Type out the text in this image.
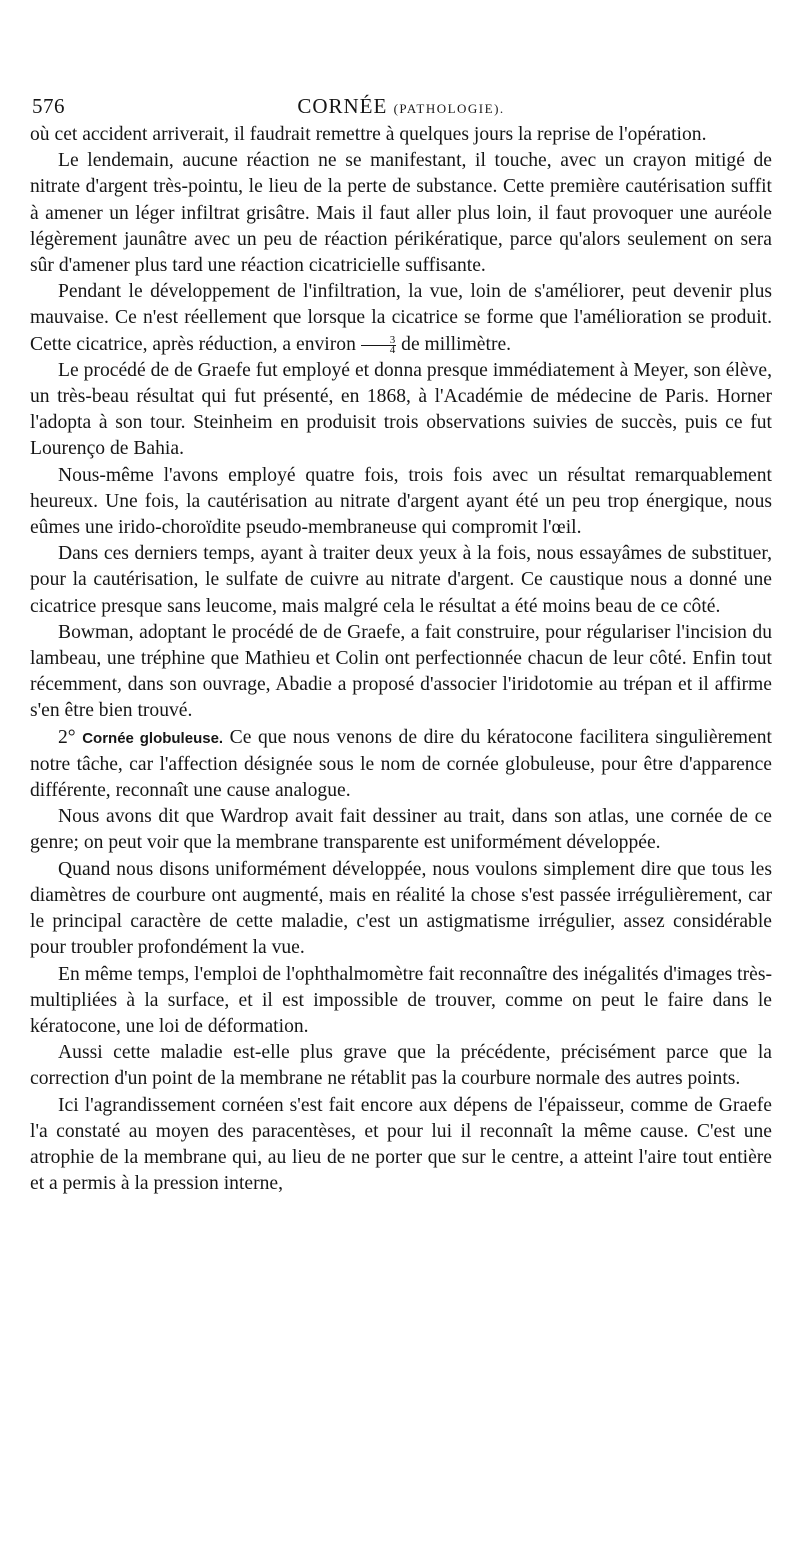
576	CORNÉE (PATHOLOGIE).

où cet accident arriverait, il faudrait remettre à quelques jours la reprise de l'opération.

Le lendemain, aucune réaction ne se manifestant, il touche, avec un crayon mitigé de nitrate d'argent très-pointu, le lieu de la perte de substance. Cette première cautérisation suffit à amener un léger infiltrat grisâtre. Mais il faut aller plus loin, il faut provoquer une auréole légèrement jaunâtre avec un peu de réaction périkératique, parce qu'alors seulement on sera sûr d'amener plus tard une réaction cicatricielle suffisante.

Pendant le développement de l'infiltration, la vue, loin de s'améliorer, peut devenir plus mauvaise. Ce n'est réellement que lorsque la cicatrice se forme que l'amélioration se produit. Cette cicatrice, après réduction, a environ $\frac{3}{4}$ de millimètre.

Le procédé de de Graefe fut employé et donna presque immédiatement à Meyer, son élève, un très-beau résultat qui fut présenté, en 1868, à l'Académie de médecine de Paris. Horner l'adopta à son tour. Steinheim en produisit trois observations suivies de succès, puis ce fut Lourenço de Bahia.

Nous-même l'avons employé quatre fois, trois fois avec un résultat remarquablement heureux. Une fois, la cautérisation au nitrate d'argent ayant été un peu trop énergique, nous eûmes une irido-choroïdite pseudo-membraneuse qui compromit l'œil.

Dans ces derniers temps, ayant à traiter deux yeux à la fois, nous essayâmes de substituer, pour la cautérisation, le sulfate de cuivre au nitrate d'argent. Ce caustique nous a donné une cicatrice presque sans leucome, mais malgré cela le résultat a été moins beau de ce côté.

Bowman, adoptant le procédé de de Graefe, a fait construire, pour régulariser l'incision du lambeau, une tréphine que Mathieu et Colin ont perfectionnée chacun de leur côté. Enfin tout récemment, dans son ouvrage, Abadie a proposé d'associer l'iridotomie au trépan et il affirme s'en être bien trouvé.

2° Cornée globuleuse. Ce que nous venons de dire du kératocone facilitera singulièrement notre tâche, car l'affection désignée sous le nom de cornée globuleuse, pour être d'apparence différente, reconnaît une cause analogue.

Nous avons dit que Wardrop avait fait dessiner au trait, dans son atlas, une cornée de ce genre; on peut voir que la membrane transparente est uniformément développée.

Quand nous disons uniformément développée, nous voulons simplement dire que tous les diamètres de courbure ont augmenté, mais en réalité la chose s'est passée irrégulièrement, car le principal caractère de cette maladie, c'est un astigmatisme irrégulier, assez considérable pour troubler profondément la vue.

En même temps, l'emploi de l'ophthalmomètre fait reconnaître des inégalités d'images très-multipliées à la surface, et il est impossible de trouver, comme on peut le faire dans le kératocone, une loi de déformation.

Aussi cette maladie est-elle plus grave que la précédente, précisément parce que la correction d'un point de la membrane ne rétablit pas la courbure normale des autres points.

Ici l'agrandissement cornéen s'est fait encore aux dépens de l'épaisseur, comme de Graefe l'a constaté au moyen des paracentèses, et pour lui il reconnaît la même cause. C'est une atrophie de la membrane qui, au lieu de ne porter que sur le centre, a atteint l'aire tout entière et a permis à la pression interne,
